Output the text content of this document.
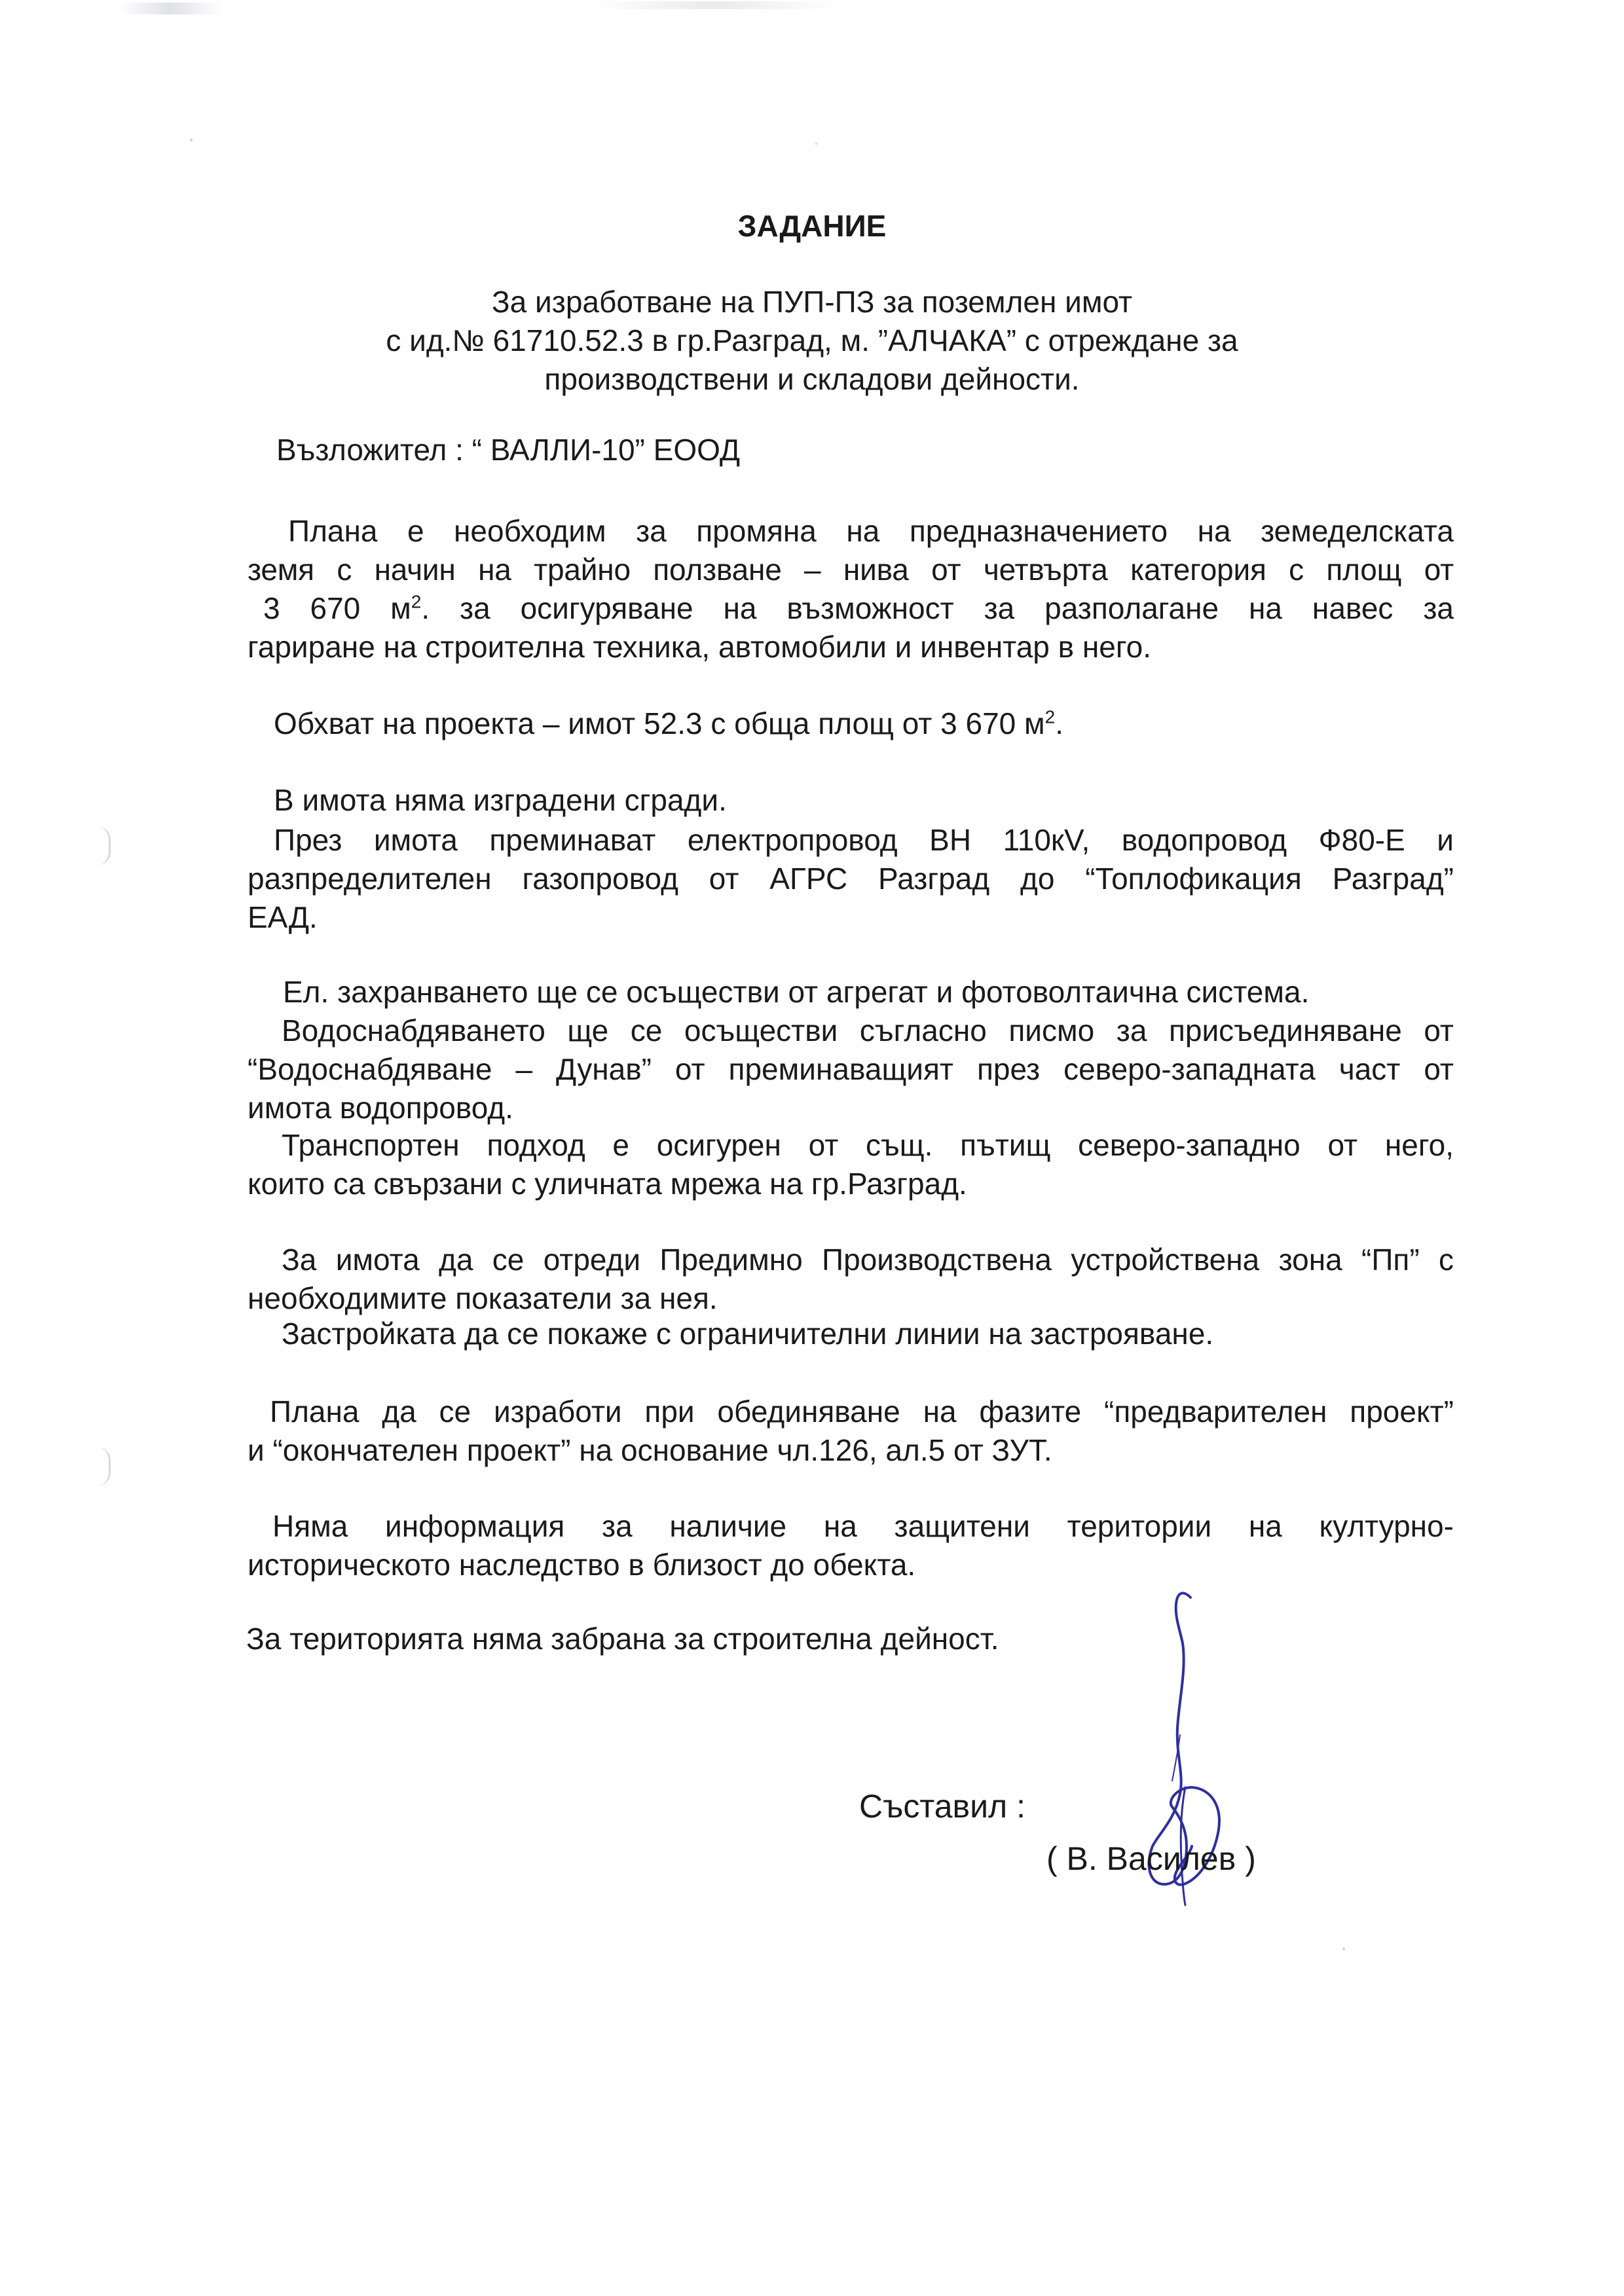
ЗАДАНИЕ
За изработване на ПУП-ПЗ за поземлен имот
с ид.№ 61710.52.3 в гр.Разград, м. ”АЛЧАКА” с отреждане за
производствени и складови дейности.
Възложител : “ ВАЛЛИ-10” ЕООД
Плана е необходим за промяна на предназначението на земеделската
земя с начин на трайно ползване – нива от четвърта категория с площ от
3 670 $м^2$. за осигуряване на възможност за разполагане на навес за
гариране на строителна техника, автомобили и инвентар в него.
Обхват на проекта – имот 52.3 с обща площ от 3 670 $м^2$.
В имота няма изградени сгради.
През имота преминават електропровод ВН 110кV, водопровод Ф80-Е и
разпределителен газопровод от АГРС Разград до “Топлофикация Разград”
ЕАД.
Ел. захранването ще се осъществи от агрегат и фотоволтаична система.
Водоснабдяването ще се осъществи съгласно писмо за присъединяване от
“Водоснабдяване – Дунав” от преминаващият през северо-западната част от
имота водопровод.
Транспортен подход е осигурен от същ. пътищ северо-западно от него,
които са свързани с уличната мрежа на гр.Разград.
За имота да се отреди Предимно Производствена устройствена зона “Пп” с
необходимите показатели за нея.
Застройката да се покаже с ограничителни линии на застрояване.
Плана да се изработи при обединяване на фазите “предварителен проект”
и “окончателен проект” на основание чл.126, ал.5 от ЗУТ.
Няма информация за наличие на защитени територии на културно-
историческото наследство в близост до обекта.
За територията няма забрана за строителна дейност.
Съставил :
( В. Василев )
